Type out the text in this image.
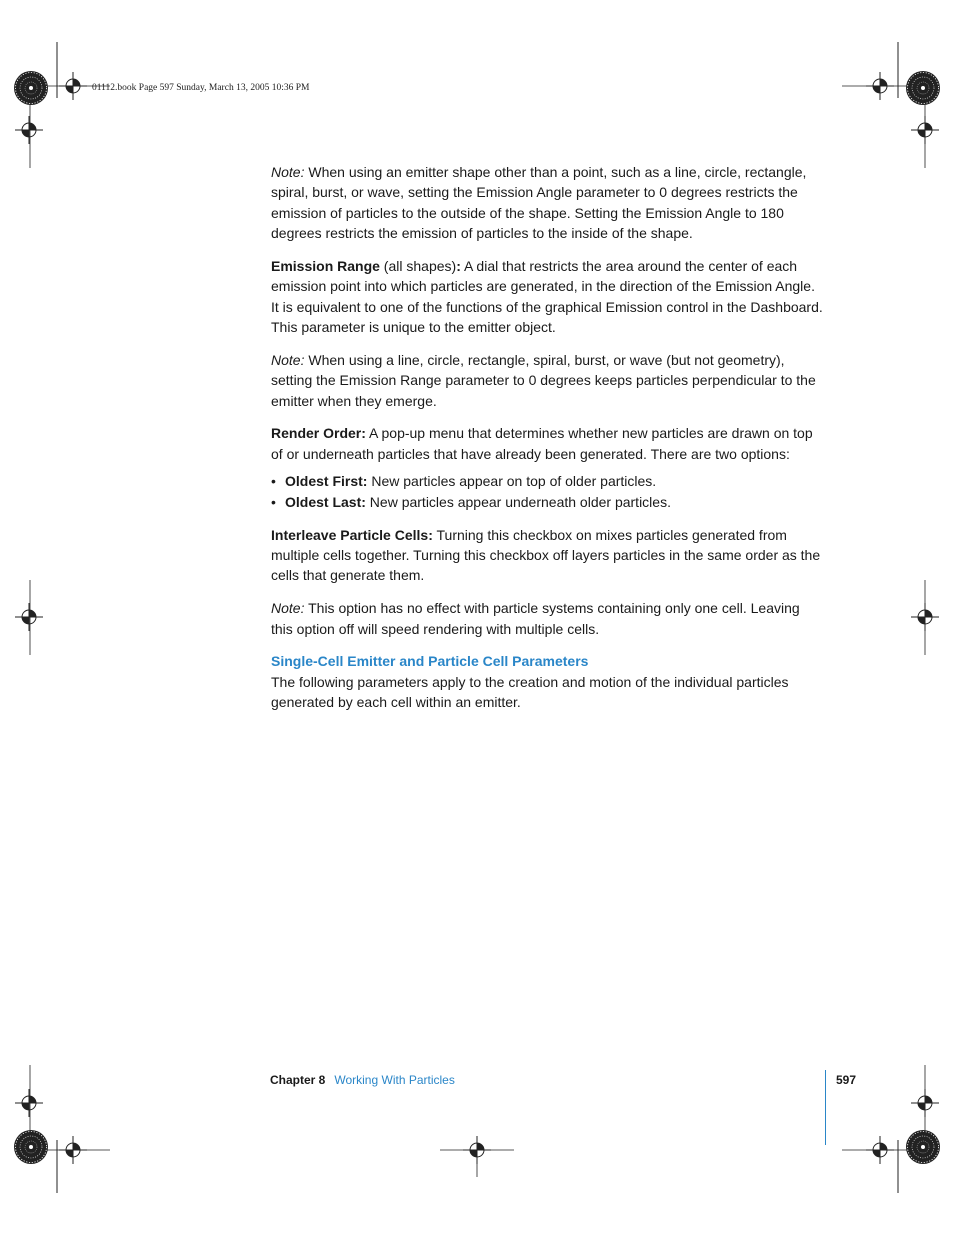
01112.book Page 597 Sunday, March 13, 2005 10:36 PM

Note: When using an emitter shape other than a point, such as a line, circle, rectangle, spiral, burst, or wave, setting the Emission Angle parameter to 0 degrees restricts the emission of particles to the outside of the shape. Setting the Emission Angle to 180 degrees restricts the emission of particles to the inside of the shape.

Emission Range (all shapes): A dial that restricts the area around the center of each emission point into which particles are generated, in the direction of the Emission Angle. It is equivalent to one of the functions of the graphical Emission control in the Dashboard. This parameter is unique to the emitter object.

Note: When using a line, circle, rectangle, spiral, burst, or wave (but not geometry), setting the Emission Range parameter to 0 degrees keeps particles perpendicular to the emitter when they emerge.

Render Order: A pop-up menu that determines whether new particles are drawn on top of or underneath particles that have already been generated. There are two options:

• Oldest First: New particles appear on top of older particles.
• Oldest Last: New particles appear underneath older particles.

Interleave Particle Cells: Turning this checkbox on mixes particles generated from multiple cells together. Turning this checkbox off layers particles in the same order as the cells that generate them.

Note: This option has no effect with particle systems containing only one cell. Leaving this option off will speed rendering with multiple cells.

Single-Cell Emitter and Particle Cell Parameters

The following parameters apply to the creation and motion of the individual particles generated by each cell within an emitter.

Chapter 8 Working With Particles	597
